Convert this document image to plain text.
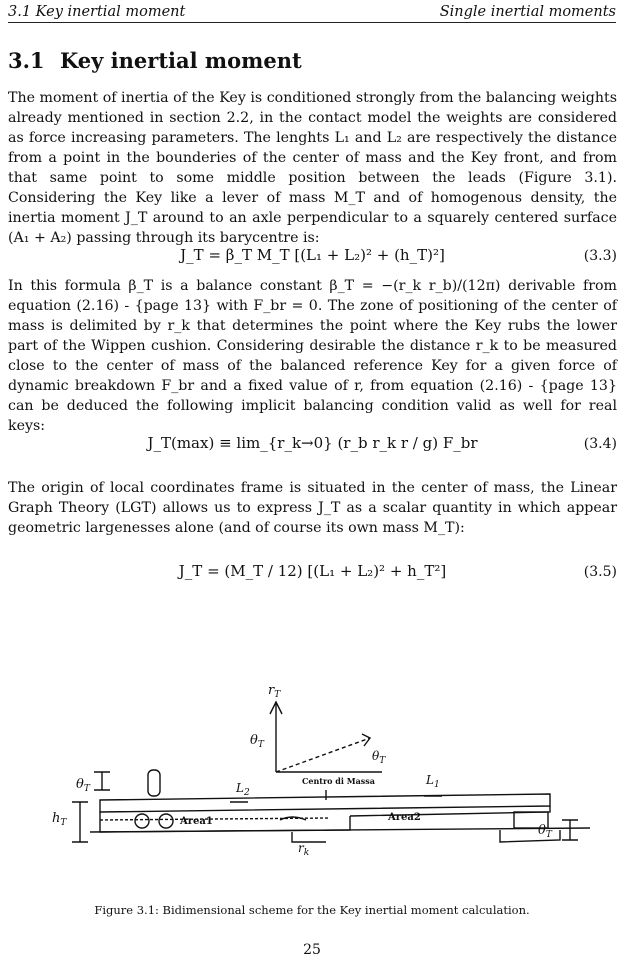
3.1 Key inertial moment	Single inertial moments
3.1 Key inertial moment

The moment of inertia of the Key is conditioned strongly from the balancing weights already mentioned in section 2.2, in the contact model the weights are considered as force increasing parameters. The lenghts L₁ and L₂ are respectively the distance from a point in the bounderies of the center of mass and the Key front, and from that same point to some middle position between the leads (Figure 3.1). Considering the Key like a lever of mass M_T and of homogenous density, the inertia moment J_T around to an axle perpendicular to a squarely centered surface (A₁ + A₂) passing through its barycentre is:

J_T = β_T M_T [(L₁ + L₂)² + (h_T)²]	(3.3)

In this formula β_T is a balance constant β_T = −(r_k r_b)/(12π) derivable from equation (2.16) - {page 13} with F_br = 0. The zone of positioning of the center of mass is delimited by r_k that determines the point where the Key rubs the lower part of the Wippen cushion. Considering desirable the distance r_k to be measured close to the center of mass of the balanced reference Key for a given force of dynamic breakdown F_br and a fixed value of r, from equation (2.16) - {page 13} can be deduced the following implicit balancing condition valid as well for real keys:

J_T(max) ≡ lim_{r_k→0} (r_b r_k r / g) F_br	(3.4)

The origin of local coordinates frame is situated in the center of mass, the Linear Graph Theory (LGT) allows us to express J_T as a scalar quantity in which appear geometric largenesses alone (and of course its own mass M_T):

J_T = (M_T / 12) [(L₁ + L₂)² + h_T²]	(3.5)
$r_T$
$\theta_T$
$\theta_T$
Centro di Massa
$L_2$
$L_1$
Area1	Area2
$h_T$
$\theta_T$
$r_k$
$\theta_T$
Figure 3.1: Bidimensional scheme for the Key inertial moment calculation.
25
